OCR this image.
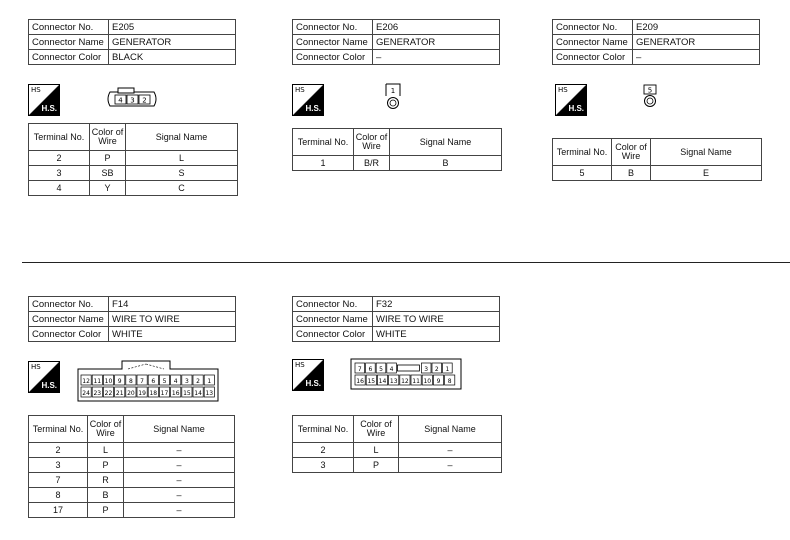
Connector No.	E205
Connector Name	GENERATOR
Connector Color	BLACK
HS
H.S.
4 3 2
Terminal No.	Color of Wire	Signal Name
2	P	L
3	SB	S
4	Y	C
Connector No.	E206
Connector Name	GENERATOR
Connector Color	–
HS
H.S.
1
Terminal No.	Color of Wire	Signal Name
1	B/R	B
Connector No.	E209
Connector Name	GENERATOR
Connector Color	–
HS
H.S.
5
Terminal No.	Color of Wire	Signal Name
5	B	E
Connector No.	F14
Connector Name	WIRE TO WIRE
Connector Color	WHITE
HS
H.S.	12 11 10 9 8 7 6 5 4 3 2 1
24 23 22 21 20 19 18 17 16 15 14 13
Terminal No.	Color of Wire	Signal Name
2	L	–
3	P	–
7	R	–
8	B	–
17	P	–
Connector No.	F32
Connector Name	WIRE TO WIRE
Connector Color	WHITE
HS
H.S.
7 6 5 4	3 2 1
16 15 14 13 12 11 10 9 8
Terminal No.	Color of Wire	Signal Name
2	L	–
3	P	–
